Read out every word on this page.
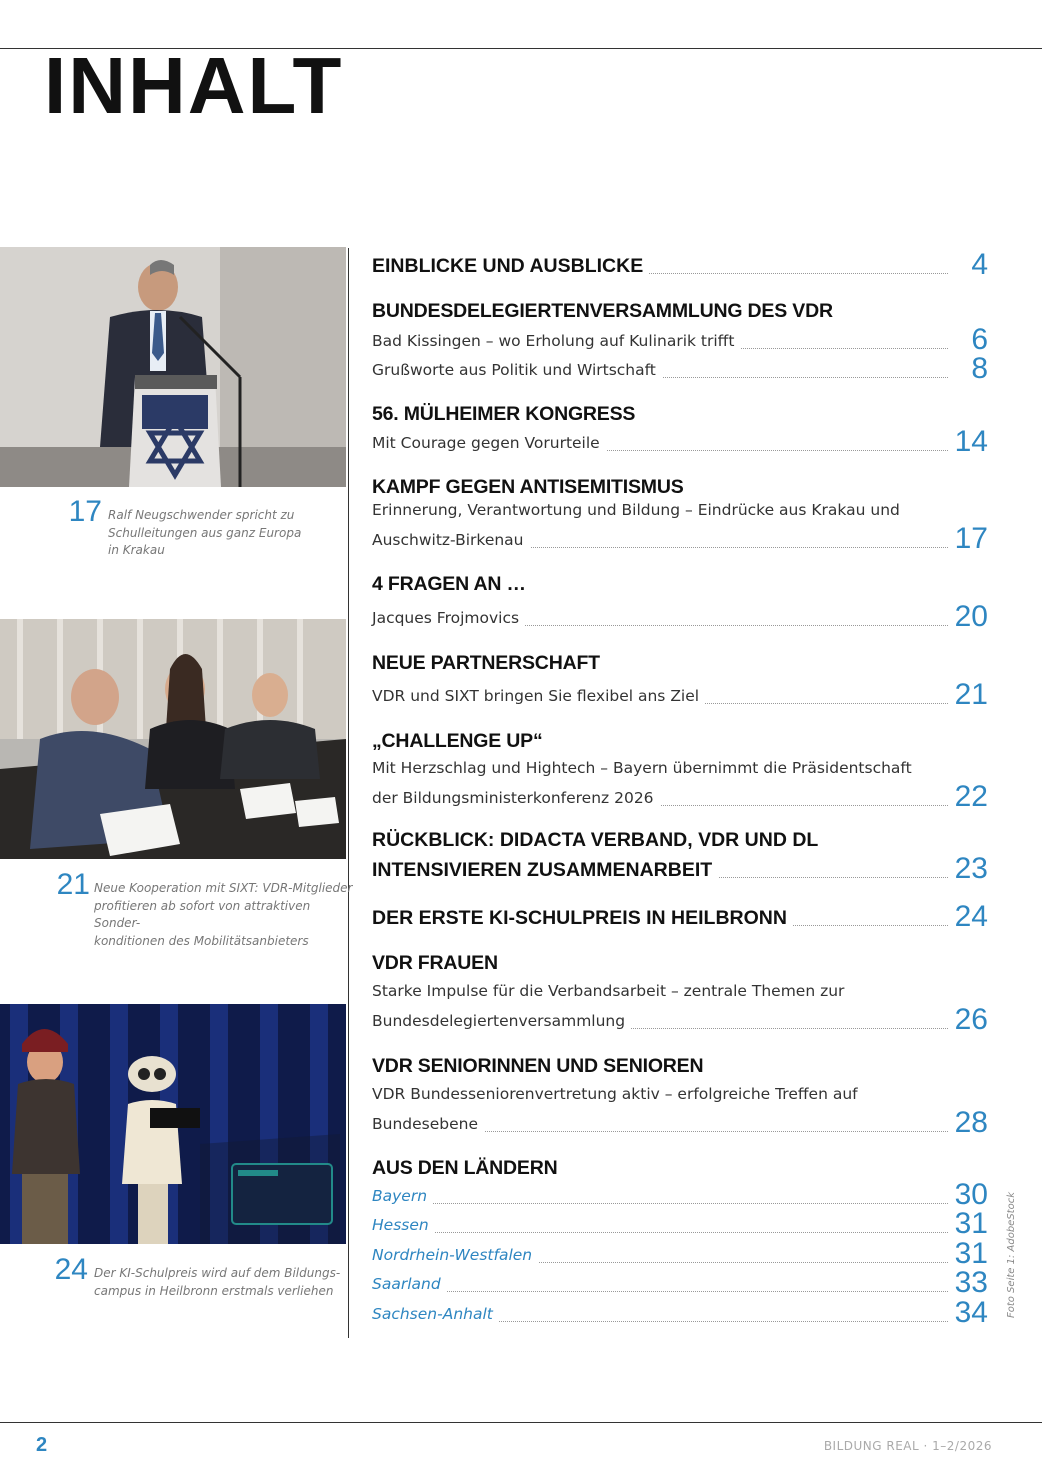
INHALT
17 Ralf Neugschwender spricht zu
Schulleitungen aus ganz Europa
in Krakau
21 Neue Kooperation mit SIXT: VDR-Mitglieder
profitieren ab sofort von attraktiven Sonder-
konditionen des Mobilitätsanbieters
24 Der KI-Schulpreis wird auf dem Bildungs-
campus in Heilbronn erstmals verliehen
EINBLICKE UND AUSBLICKE	4
BUNDESDELEGIERTENVERSAMMLUNG DES VDR
Bad Kissingen – wo Erholung auf Kulinarik trifft	6
Grußworte aus Politik und Wirtschaft	8
56. MÜLHEIMER KONGRESS
Mit Courage gegen Vorurteile	14
KAMPF GEGEN ANTISEMITISMUS
Erinnerung, Verantwortung und Bildung – Eindrücke aus Krakau und
Auschwitz-Birkenau	17
4 FRAGEN AN …
Jacques Frojmovics	20
NEUE PARTNERSCHAFT
VDR und SIXT bringen Sie flexibel ans Ziel	21
„CHALLENGE UP“
Mit Herzschlag und Hightech – Bayern übernimmt die Präsidentschaft
der Bildungsministerkonferenz 2026	22
RÜCKBLICK: DIDACTA VERBAND, VDR UND DL
INTENSIVIEREN ZUSAMMENARBEIT	23
DER ERSTE KI-SCHULPREIS IN HEILBRONN	24
VDR FRAUEN
Starke Impulse für die Verbandsarbeit – zentrale Themen zur
Bundesdelegiertenversammlung	26
VDR SENIORINNEN UND SENIOREN
VDR Bundesseniorenvertretung aktiv – erfolgreiche Treffen auf
Bundesebene	28
AUS DEN LÄNDERN
Bayern	30
Hessen	31
Nordrhein-Westfalen	31
Saarland	33
Sachsen-Anhalt	34 Foto Seite 1: AdobeStock
2	BILDUNG REAL · 1–2/2026
